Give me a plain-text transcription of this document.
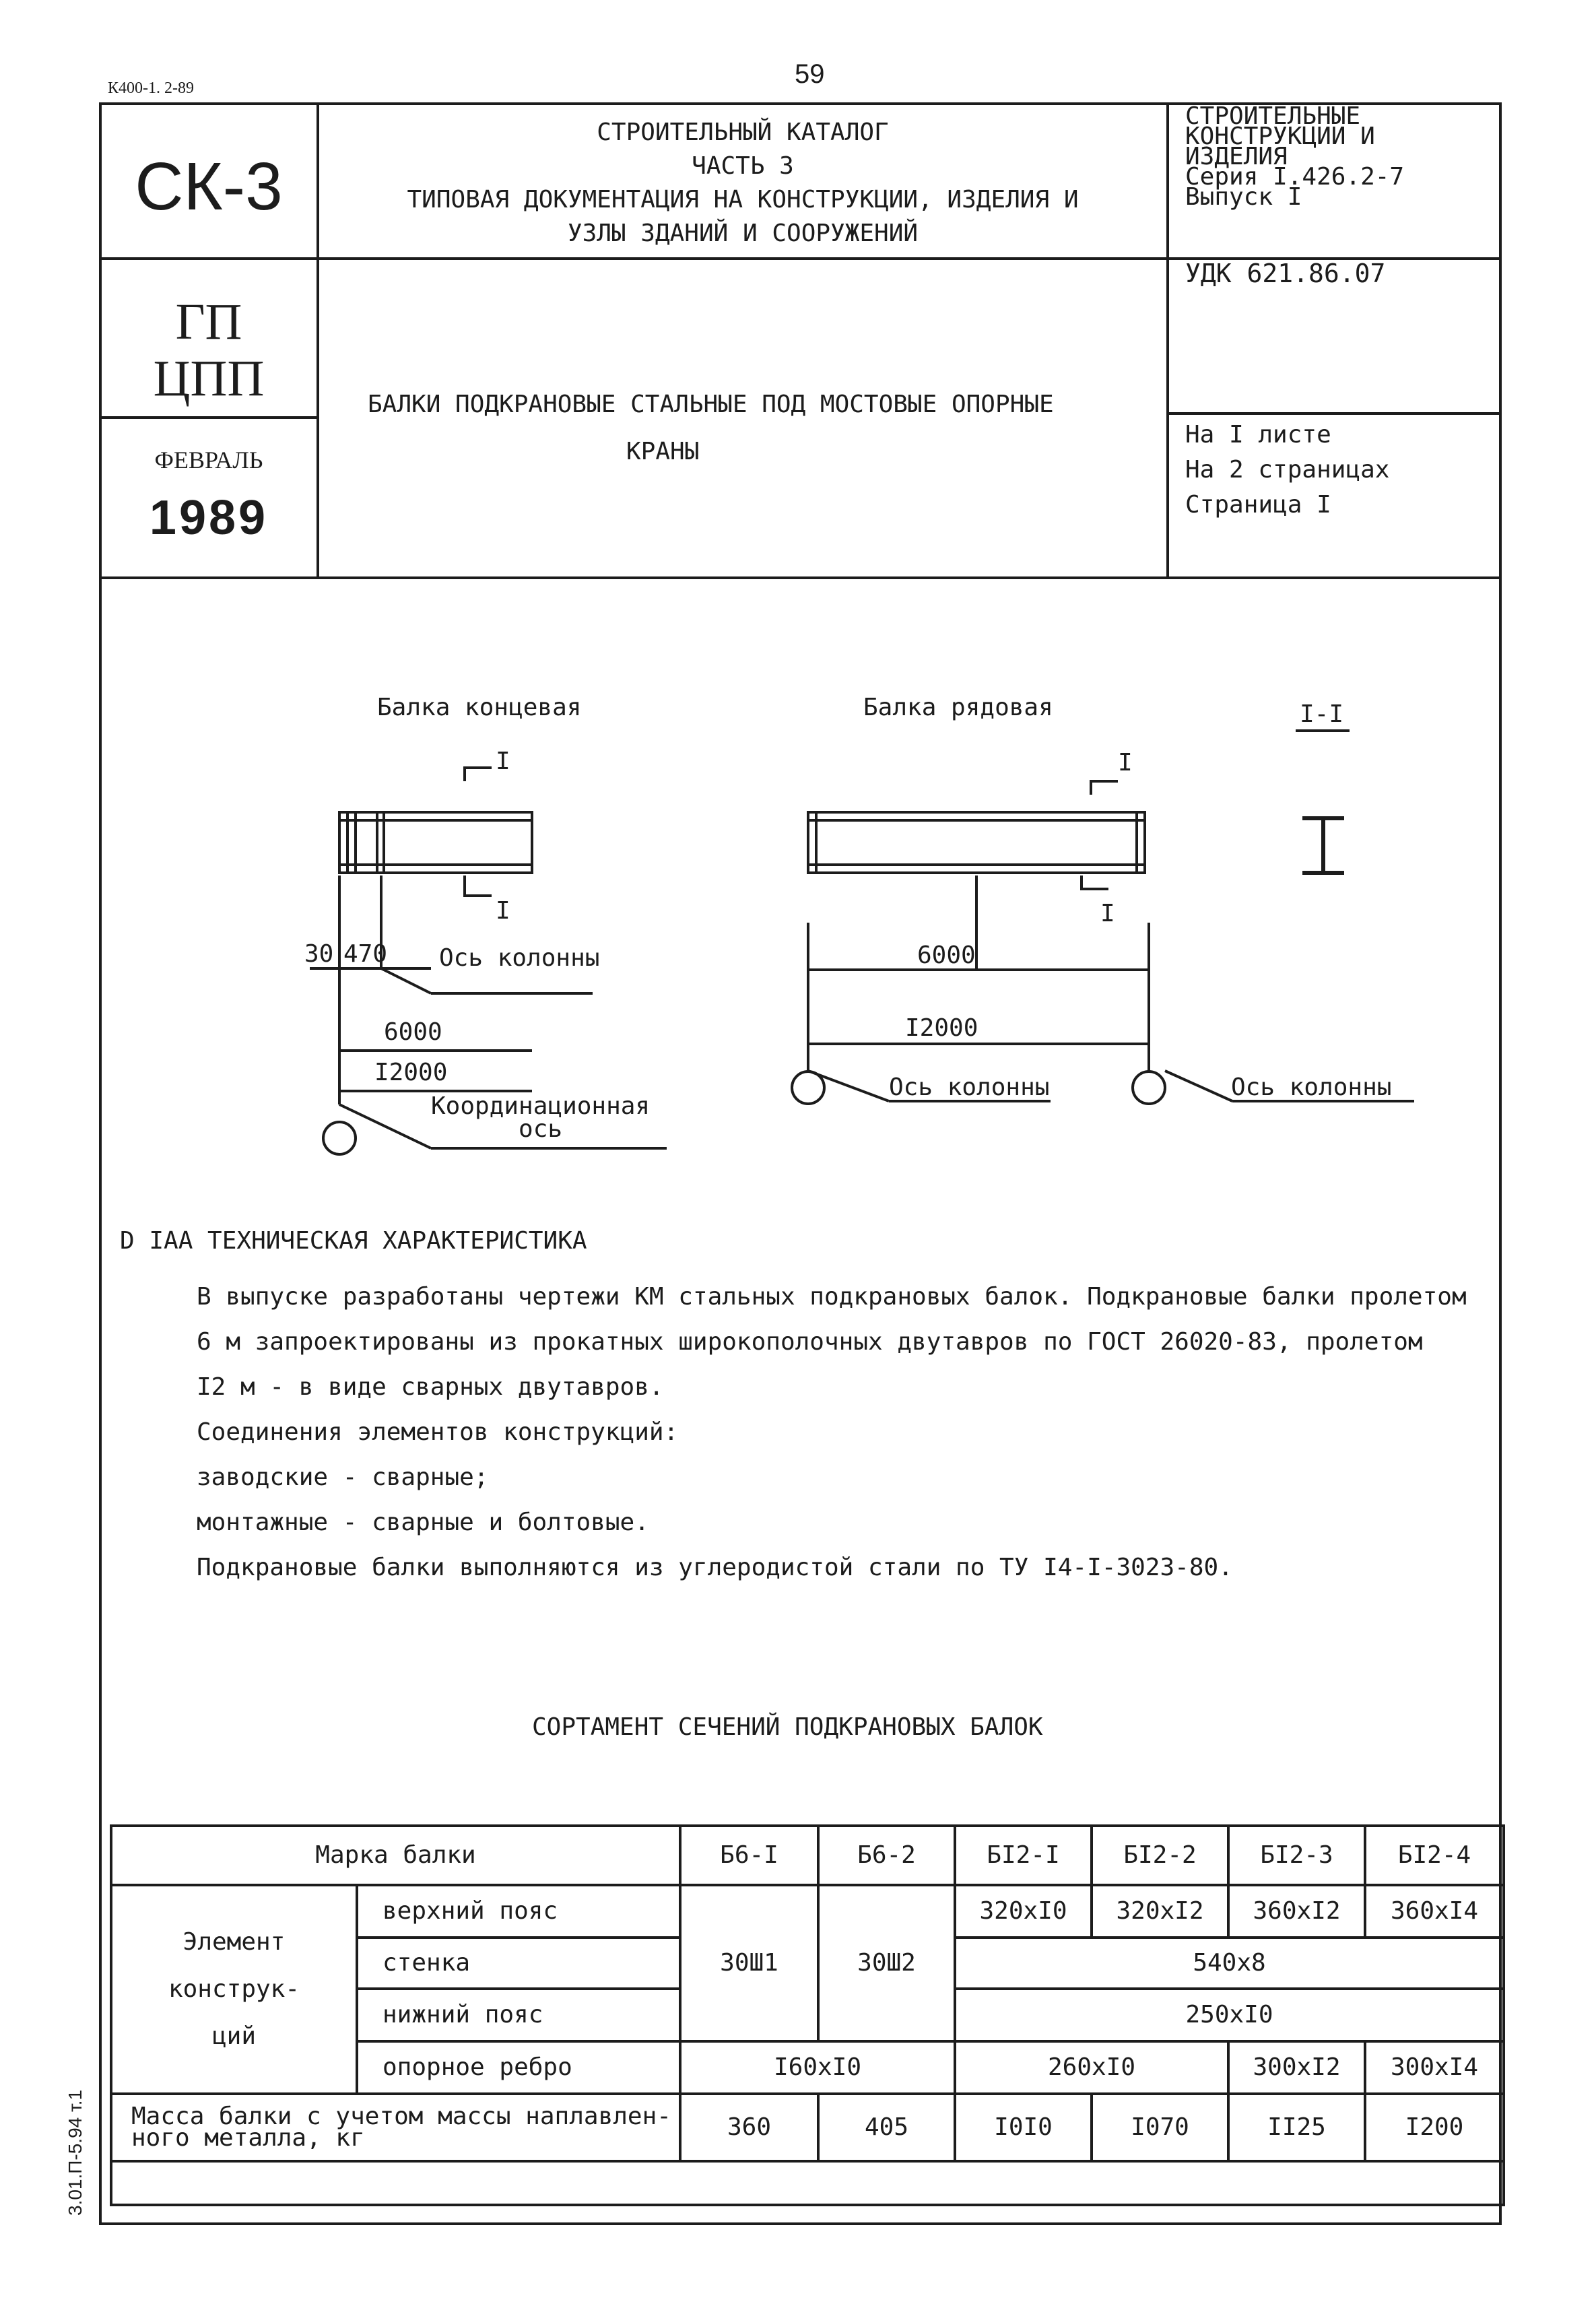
К400-1. 2-89	59
3.01.П-5.94 т.1
СК-3
СТРОИТЕЛЬНЫЙ КАТАЛОГ
ЧАСТЬ 3
ТИПОВАЯ ДОКУМЕНТАЦИЯ НА КОНСТРУКЦИИ, ИЗДЕЛИЯ И
УЗЛЫ ЗДАНИЙ И СООРУЖЕНИЙ
СТРОИТЕЛЬНЫЕ
КОНСТРУКЦИИ И
ИЗДЕЛИЯ
Серия I.426.2-7
Выпуск I
ГП
ЦПП
УДК 621.86.07
БАЛКИ ПОДКРАНОВЫЕ СТАЛЬНЫЕ ПОД МОСТОВЫЕ ОПОРНЫЕ
КРАНЫ
На I листе
На 2 страницах
Страница I
ФЕВРАЛЬ
1989
Балка концевая	Балка рядовая	I-I
I
I
I
I
30 470 Ось колонны
6000
I2000
Координационная
ось
6000
I2000
Ось колонны	Ось колонны
D IAA ТЕХНИЧЕСКАЯ ХАРАКТЕРИСТИКА
В выпуске разработаны чертежи КМ стальных подкрановых балок. Подкрановые балки пролетом
6 м запроектированы из прокатных широкополочных двутавров по ГОСТ 26020-83, пролетом
I2 м - в виде сварных двутавров.
Соединения элементов конструкций:
заводские - сварные;
монтажные - сварные и болтовые.
Подкрановые балки выполняются из углеродистой стали по ТУ I4-I-3023-80.
СОРТАМЕНТ СЕЧЕНИЙ ПОДКРАНОВЫХ БАЛОК
Марка балки		Б6-I	Б6-2	БI2-I	БI2-2	БI2-3	БI2-4

Элемент
конструк-
ций	верхний пояс	30Ш1	30Ш2	320xI0	320xI2	360xI2	360xI4
	стенка			540x8			
	нижний пояс			250xI0			
	опорное ребро	I60xI0		260xI0		300xI2	300xI4

Масса балки с учетом массы наплавлен-
ного металла, кг		360	405	I0I0	I070	II25	I200
